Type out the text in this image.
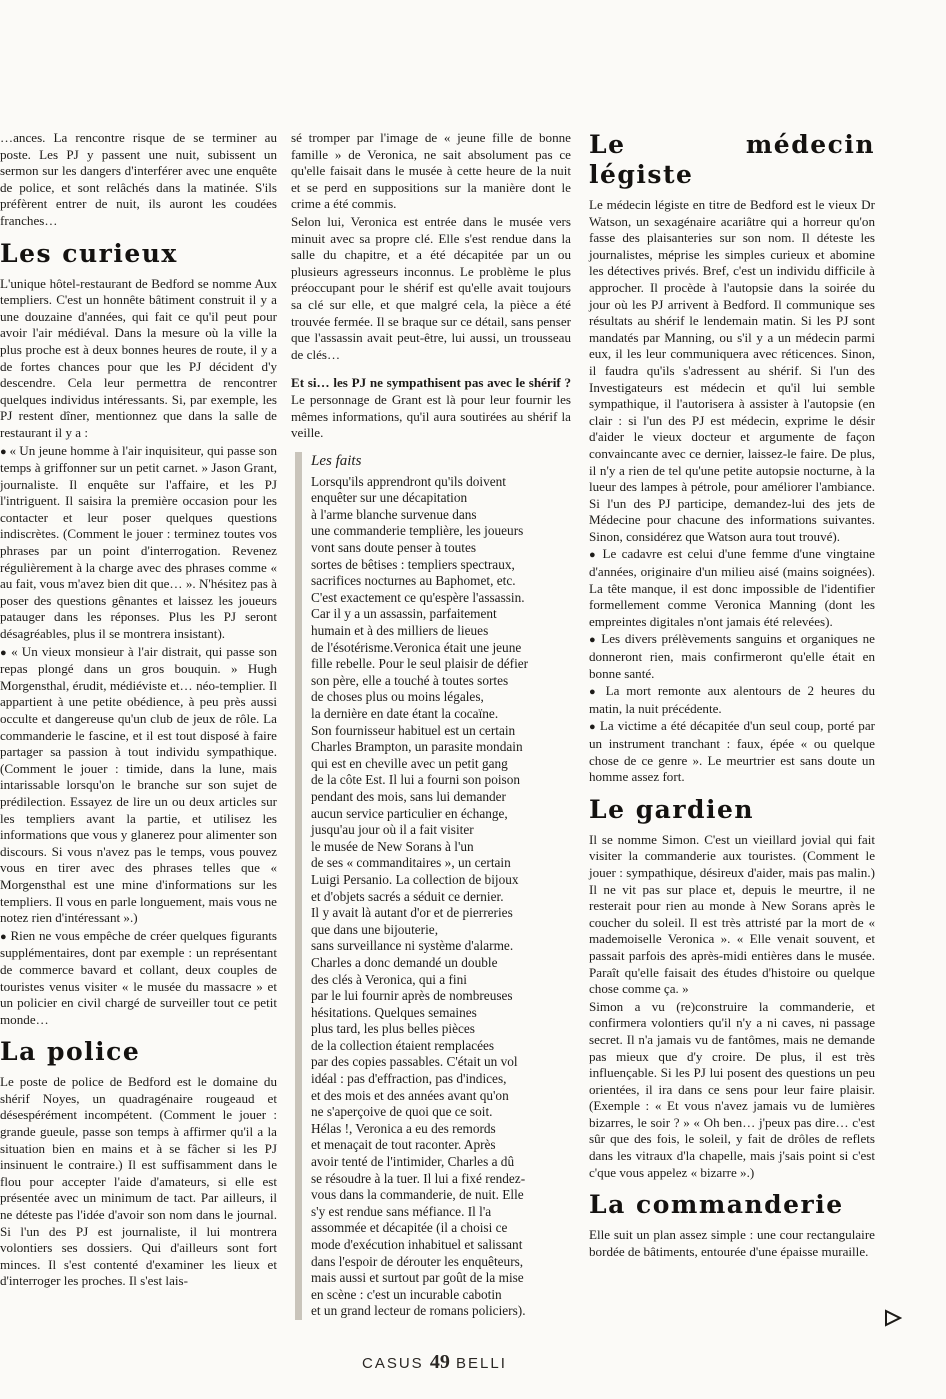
…ances. La rencontre risque de se terminer au poste. Les PJ y passent une nuit, subissent un sermon sur les dangers d'interférer avec une enquête de police, et sont relâchés dans la matinée. S'ils préfèrent entrer de nuit, ils auront les coudées franches…

Les curieux

L'unique hôtel-restaurant de Bedford se nomme Aux templiers. C'est un honnête bâtiment construit il y a une douzaine d'années, qui fait ce qu'il peut pour avoir l'air médiéval. Dans la mesure où la ville la plus proche est à deux bonnes heures de route, il y a de fortes chances pour que les PJ décident d'y descendre. Cela leur permettra de rencontrer quelques individus intéressants. Si, par exemple, les PJ restent dîner, mentionnez que dans la salle de restaurant il y a :

● « Un jeune homme à l'air inquisiteur, qui passe son temps à griffonner sur un petit carnet. » Jason Grant, journaliste. Il enquête sur l'affaire, et les PJ l'intriguent. Il saisira la première occasion pour les contacter et leur poser quelques questions indiscrètes. (Comment le jouer : terminez toutes vos phrases par un point d'interrogation. Revenez régulièrement à la charge avec des phrases comme « au fait, vous m'avez bien dit que… ». N'hésitez pas à poser des questions gênantes et laissez les joueurs patauger dans les réponses. Plus les PJ seront désagréables, plus il se montrera insistant).

● « Un vieux monsieur à l'air distrait, qui passe son repas plongé dans un gros bouquin. » Hugh Morgensthal, érudit, médiéviste et… néo-templier. Il appartient à une petite obédience, à peu près aussi occulte et dangereuse qu'un club de jeux de rôle. La commanderie le fascine, et il est tout disposé à faire partager sa passion à tout individu sympathique. (Comment le jouer : timide, dans la lune, mais intarissable lorsqu'on le branche sur son sujet de prédilection. Essayez de lire un ou deux articles sur les templiers avant la partie, et utilisez les informations que vous y glanerez pour alimenter son discours. Si vous n'avez pas le temps, vous pouvez vous en tirer avec des phrases telles que « Morgensthal est une mine d'informations sur les templiers. Il vous en parle longuement, mais vous ne notez rien d'intéressant ».)

● Rien ne vous empêche de créer quelques figurants supplémentaires, dont par exemple : un représentant de commerce bavard et collant, deux couples de touristes venus visiter « le musée du massacre » et un policier en civil chargé de surveiller tout ce petit monde…

La police

Le poste de police de Bedford est le domaine du shérif Noyes, un quadragénaire rougeaud et désespérément incompétent. (Comment le jouer : grande gueule, passe son temps à affirmer qu'il a la situation bien en mains et à se fâcher si les PJ insinuent le contraire.) Il est suffisamment dans le flou pour accepter l'aide d'amateurs, si elle est présentée avec un minimum de tact. Par ailleurs, il ne déteste pas l'idée d'avoir son nom dans le journal. Si l'un des PJ est journaliste, il lui montrera volontiers ses dossiers. Qui d'ailleurs sont fort minces. Il s'est contenté d'examiner les lieux et d'interroger les proches. Il s'est lais-

sé tromper par l'image de « jeune fille de bonne famille » de Veronica, ne sait absolument pas ce qu'elle faisait dans le musée à cette heure de la nuit et se perd en suppositions sur la manière dont le crime a été commis.

Selon lui, Veronica est entrée dans le musée vers minuit avec sa propre clé. Elle s'est rendue dans la salle du chapitre, et a été décapitée par un ou plusieurs agresseurs inconnus. Le problème le plus préoccupant pour le shérif est qu'elle avait toujours sa clé sur elle, et que malgré cela, la pièce a été trouvée fermée. Il se braque sur ce détail, sans penser que l'assassin avait peut-être, lui aussi, un trousseau de clés…

Et si… les PJ ne sympathisent pas avec le shérif ? Le personnage de Grant est là pour leur fournir les mêmes informations, qu'il aura soutirées au shérif la veille.

Les faits
Lorsqu'ils apprendront qu'ils doivent
enquêter sur une décapitation
à l'arme blanche survenue dans
une commanderie templière, les joueurs
vont sans doute penser à toutes
sortes de bêtises : templiers spectraux,
sacrifices nocturnes au Baphomet, etc.
C'est exactement ce qu'espère l'assassin.
Car il y a un assassin, parfaitement
humain et à des milliers de lieues
de l'ésotérisme.Veronica était une jeune
fille rebelle. Pour le seul plaisir de défier
son père, elle a touché à toutes sortes
de choses plus ou moins légales,
la dernière en date étant la cocaïne.
Son fournisseur habituel est un certain
Charles Brampton, un parasite mondain
qui est en cheville avec un petit gang
de la côte Est. Il lui a fourni son poison
pendant des mois, sans lui demander
aucun service particulier en échange,
jusqu'au jour où il a fait visiter
le musée de New Sorans à l'un
de ses « commanditaires », un certain
Luigi Persanio. La collection de bijoux
et d'objets sacrés a séduit ce dernier.
Il y avait là autant d'or et de pierreries
que dans une bijouterie,
sans surveillance ni système d'alarme.
Charles a donc demandé un double
des clés à Veronica, qui a fini
par le lui fournir après de nombreuses
hésitations. Quelques semaines
plus tard, les plus belles pièces
de la collection étaient remplacées
par des copies passables. C'était un vol
idéal : pas d'effraction, pas d'indices,
et des mois et des années avant qu'on
ne s'aperçoive de quoi que ce soit.
Hélas !, Veronica a eu des remords
et menaçait de tout raconter. Après
avoir tenté de l'intimider, Charles a dû
se résoudre à la tuer. Il lui a fixé rendez-
vous dans la commanderie, de nuit. Elle
s'y est rendue sans méfiance. Il l'a
assommée et décapitée (il a choisi ce
mode d'exécution inhabituel et salissant
dans l'espoir de dérouter les enquêteurs,
mais aussi et surtout par goût de la mise
en scène : c'est un incurable cabotin
et un grand lecteur de romans policiers).
Le médecin légiste

Le médecin légiste en titre de Bedford est le vieux Dr Watson, un sexagénaire acariâtre qui a horreur qu'on fasse des plaisanteries sur son nom. Il déteste les journalistes, méprise les simples curieux et abomine les détectives privés. Bref, c'est un individu difficile à approcher. Il procède à l'autopsie dans la soirée du jour où les PJ arrivent à Bedford. Il communique ses résultats au shérif le lendemain matin. Si les PJ sont mandatés par Manning, ou s'il y a un médecin parmi eux, il les leur communiquera avec réticences. Sinon, il faudra qu'ils s'adressent au shérif. Si l'un des Investigateurs est médecin et qu'il lui semble sympathique, il l'autorisera à assister à l'autopsie (en clair : si l'un des PJ est médecin, exprime le désir d'aider le vieux docteur et argumente de façon convaincante avec ce dernier, laissez-le faire. De plus, il n'y a rien de tel qu'une petite autopsie nocturne, à la lueur des lampes à pétrole, pour améliorer l'ambiance. Si l'un des PJ participe, demandez-lui des jets de Médecine pour chacune des informations suivantes. Sinon, considérez que Watson aura tout trouvé).

● Le cadavre est celui d'une femme d'une vingtaine d'années, originaire d'un milieu aisé (mains soignées). La tête manque, il est donc impossible de l'identifier formellement comme Veronica Manning (dont les empreintes digitales n'ont jamais été relevées).

● Les divers prélèvements sanguins et organiques ne donneront rien, mais confirmeront qu'elle était en bonne santé.

● La mort remonte aux alentours de 2 heures du matin, la nuit précédente.

● La victime a été décapitée d'un seul coup, porté par un instrument tranchant : faux, épée « ou quelque chose de ce genre ». Le meurtrier est sans doute un homme assez fort.

Le gardien

Il se nomme Simon. C'est un vieillard jovial qui fait visiter la commanderie aux touristes. (Comment le jouer : sympathique, désireux d'aider, mais pas malin.) Il ne vit pas sur place et, depuis le meurtre, il ne resterait pour rien au monde à New Sorans après le coucher du soleil. Il est très attristé par la mort de « mademoiselle Veronica ». « Elle venait souvent, et passait parfois des après-midi entières dans le musée. Paraît qu'elle faisait des études d'histoire ou quelque chose comme ça. »

Simon a vu (re)construire la commanderie, et confirmera volontiers qu'il n'y a ni caves, ni passage secret. Il n'a jamais vu de fantômes, mais ne demande pas mieux que d'y croire. De plus, il est très influençable. Si les PJ lui posent des questions un peu orientées, il ira dans ce sens pour leur faire plaisir. (Exemple : « Et vous n'avez jamais vu de lumières bizarres, le soir ? » « Oh ben… j'peux pas dire… c'est sûr que des fois, le soleil, y fait de drôles de reflets dans les vitraux d'la chapelle, mais j'sais point si c'est c'que vous appelez « bizarre ».)

La commanderie

Elle suit un plan assez simple : une cour rectangulaire bordée de bâtiments, entourée d'une épaisse muraille.

CASUS 49 BELLI
